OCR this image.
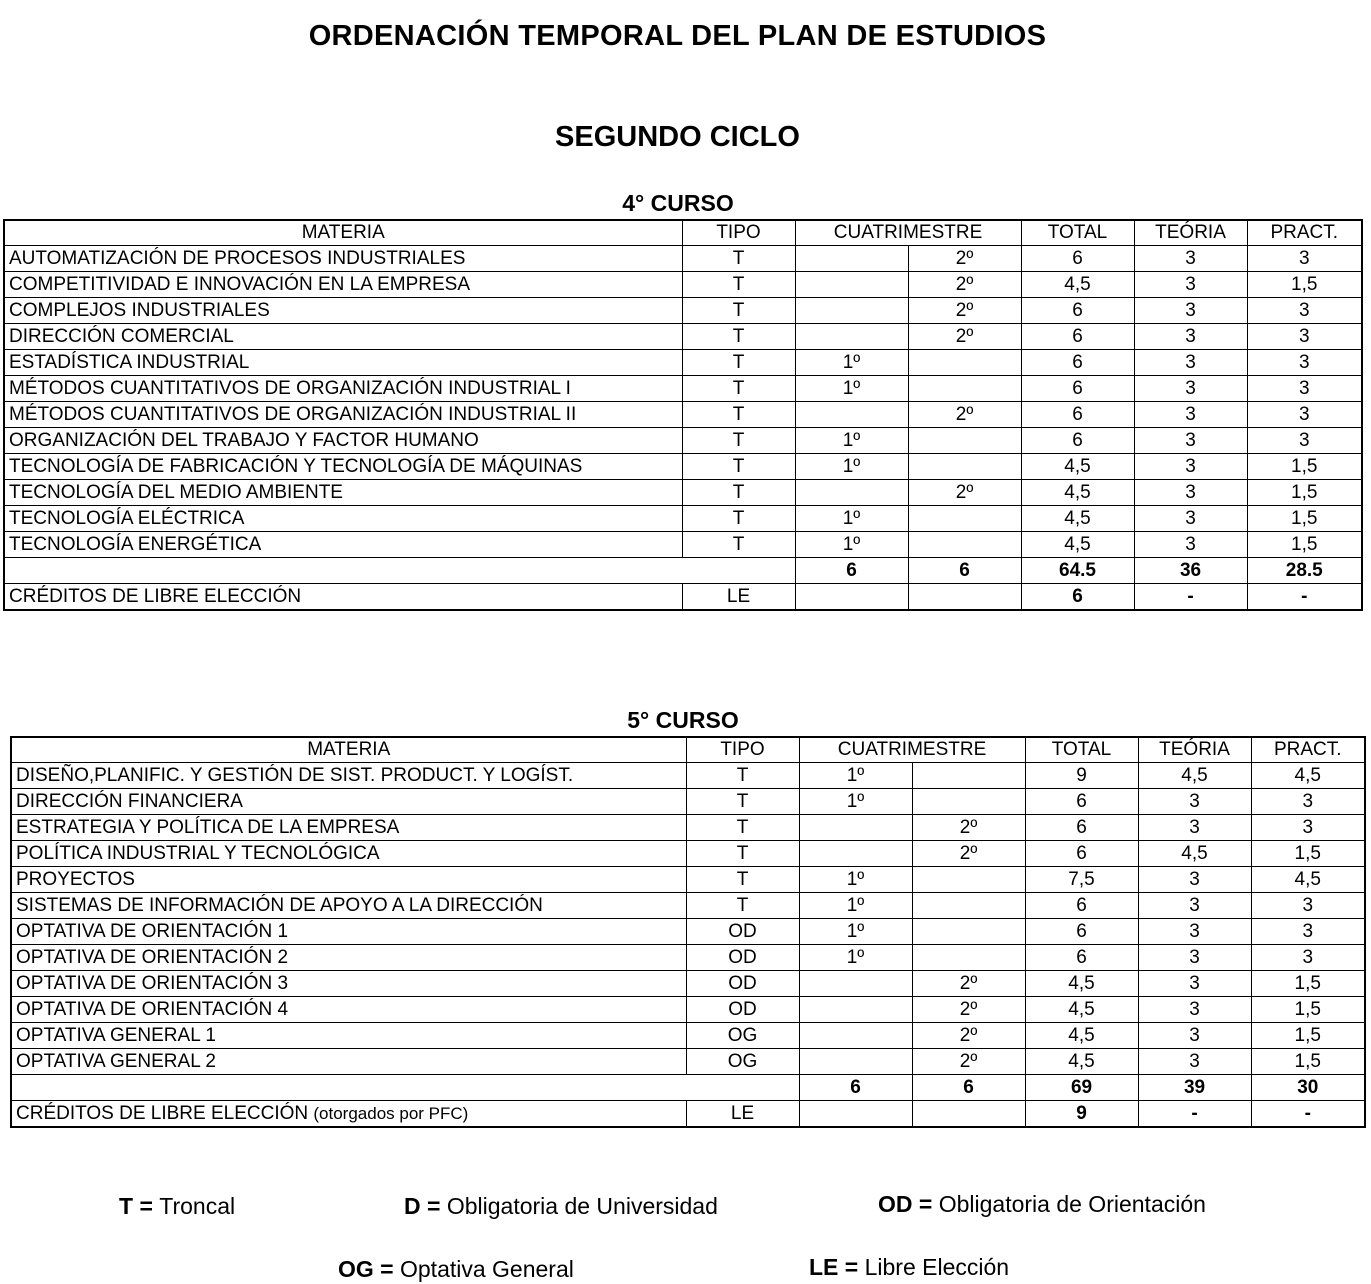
ORDENACIÓN TEMPORAL DEL PLAN DE ESTUDIOS
SEGUNDO CICLO
4° CURSO
MATERIA	TIPO	CUATRIMESTRE		TOTAL	TEÓRIA	PRACT.
AUTOMATIZACIÓN DE PROCESOS INDUSTRIALES	T		2º	6	3	3
COMPETITIVIDAD E INNOVACIÓN EN LA EMPRESA	T		2º	4,5	3	1,5
COMPLEJOS INDUSTRIALES	T		2º	6	3	3
DIRECCIÓN COMERCIAL	T		2º	6	3	3
ESTADÍSTICA INDUSTRIAL	T	1º		6	3	3
MÉTODOS CUANTITATIVOS DE ORGANIZACIÓN INDUSTRIAL I	T	1º		6	3	3
MÉTODOS CUANTITATIVOS DE ORGANIZACIÓN INDUSTRIAL II	T		2º	6	3	3
ORGANIZACIÓN DEL TRABAJO Y FACTOR HUMANO	T	1º		6	3	3
TECNOLOGÍA DE FABRICACIÓN Y TECNOLOGÍA DE MÁQUINAS	T	1º		4,5	3	1,5
TECNOLOGÍA DEL MEDIO AMBIENTE	T		2º	4,5	3	1,5
TECNOLOGÍA ELÉCTRICA	T	1º		4,5	3	1,5
TECNOLOGÍA ENERGÉTICA	T	1º		4,5	3	1,5
		6	6	64.5	36	28.5
CRÉDITOS DE LIBRE ELECCIÓN	LE			6	-	-
5° CURSO
MATERIA	TIPO	CUATRIMESTRE		TOTAL	TEÓRIA	PRACT.
DISEÑO,PLANIFIC. Y GESTIÓN DE SIST. PRODUCT. Y LOGÍST.	T	1º		9	4,5	4,5
DIRECCIÓN FINANCIERA	T	1º		6	3	3
ESTRATEGIA Y POLÍTICA DE LA EMPRESA	T		2º	6	3	3
POLÍTICA INDUSTRIAL Y TECNOLÓGICA	T		2º	6	4,5	1,5
PROYECTOS	T	1º		7,5	3	4,5
SISTEMAS DE INFORMACIÓN DE APOYO A LA DIRECCIÓN	T	1º		6	3	3
OPTATIVA DE ORIENTACIÓN 1	OD	1º		6	3	3
OPTATIVA DE ORIENTACIÓN 2	OD	1º		6	3	3
OPTATIVA DE ORIENTACIÓN 3	OD		2º	4,5	3	1,5
OPTATIVA DE ORIENTACIÓN 4	OD		2º	4,5	3	1,5
OPTATIVA GENERAL 1	OG		2º	4,5	3	1,5
OPTATIVA GENERAL 2	OG		2º	4,5	3	1,5
		6	6	69	39	30
CRÉDITOS DE LIBRE ELECCIÓN (otorgados por PFC)	LE			9	-	-
T = Troncal	D = Obligatoria de Universidad	OD = Obligatoria de Orientación
OG = Optativa General	LE = Libre Elección
